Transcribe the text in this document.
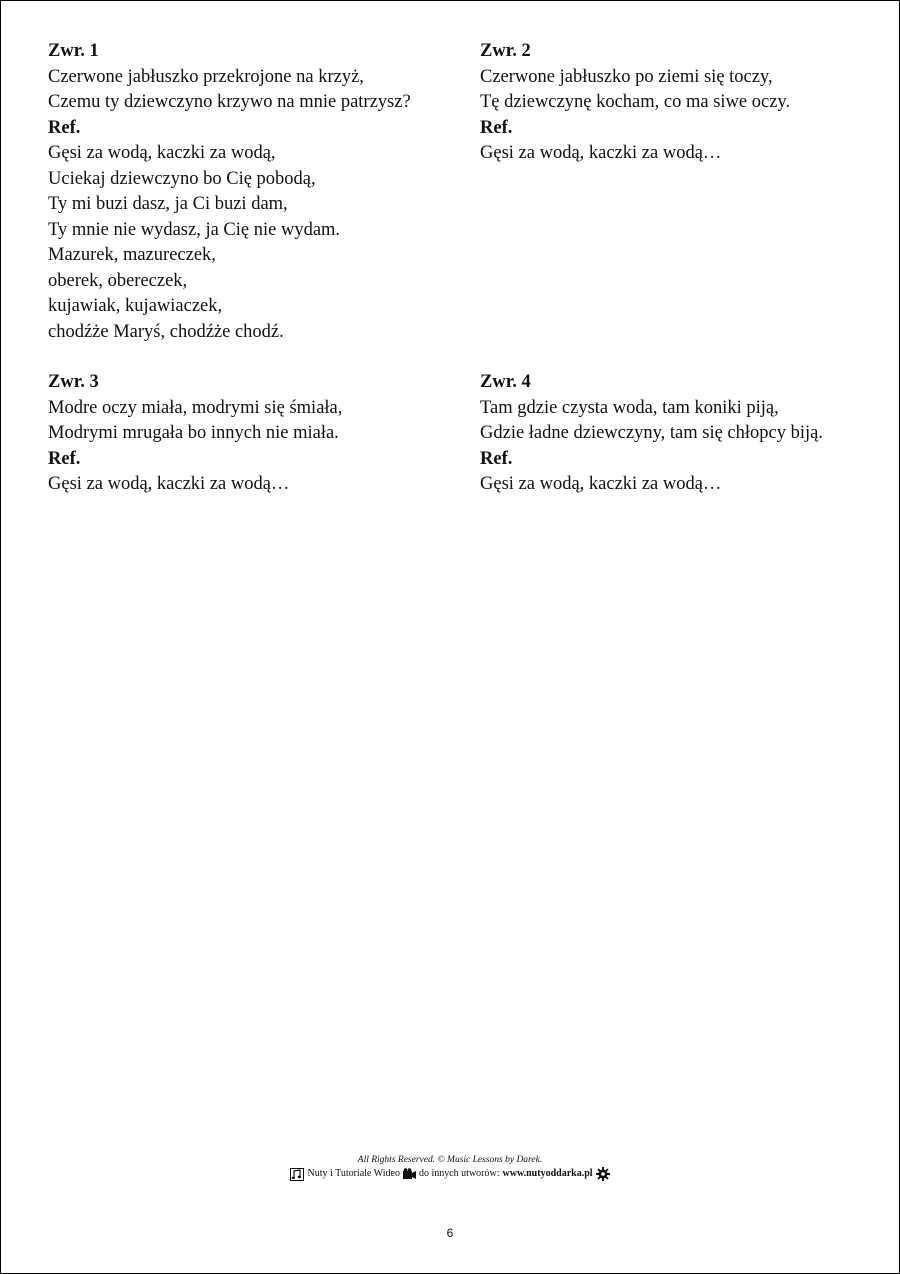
Zwr. 1
Czerwone jabłuszko przekrojone na krzyż,
Czemu ty dziewczyno krzywo na mnie patrzysz?
Ref.
Gęsi za wodą, kaczki za wodą,
Uciekaj dziewczyno bo Cię pobodą,
Ty mi buzi dasz, ja Ci buzi dam,
Ty mnie nie wydasz, ja Cię nie wydam.
Mazurek, mazureczek,
oberek, obereczek,
kujawiak, kujawiaczek,
chodźże Maryś, chodźże chodź.
Zwr. 2
Czerwone jabłuszko po ziemi się toczy,
Tę dziewczynę kocham, co ma siwe oczy.
Ref.
Gęsi za wodą, kaczki za wodą…
Zwr. 3
Modre oczy miała, modrymi się śmiała,
Modrymi mrugała bo innych nie miała.
Ref.
Gęsi za wodą, kaczki za wodą…
Zwr. 4
Tam gdzie czysta woda, tam koniki piją,
Gdzie ładne dziewczyny, tam się chłopcy biją.
Ref.
Gęsi za wodą, kaczki za wodą…
All Rights Reserved. © Music Lessons by Darek.
Nuty i Tutoriale Wideo do innych utworów: www.nutyoddarka.pl
6
